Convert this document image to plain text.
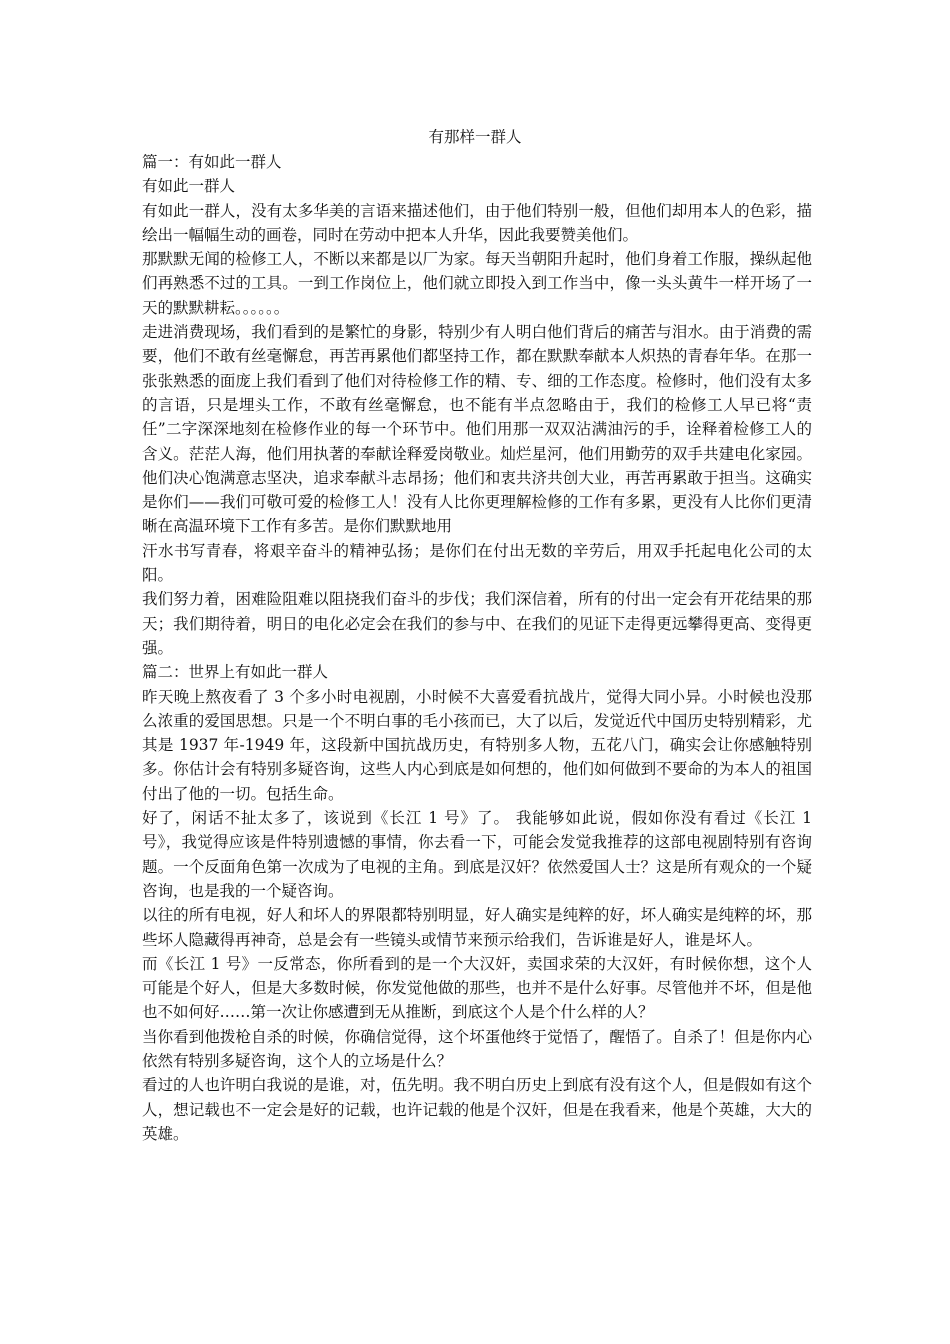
有那样一群人

篇一：有如此一群人

有如此一群人

有如此一群人，没有太多华美的言语来描述他们，由于他们特别一般，但他们却用本人的色彩，描绘出一幅幅生动的画卷，同时在劳动中把本人升华，因此我要赞美他们。

那默默无闻的检修工人，不断以来都是以厂为家。每天当朝阳升起时，他们身着工作服，操纵起他们再熟悉不过的工具。一到工作岗位上，他们就立即投入到工作当中，像一头头黄牛一样开场了一天的默默耕耘。。。。。。

走进消费现场，我们看到的是繁忙的身影，特别少有人明白他们背后的痛苦与泪水。由于消费的需要，他们不敢有丝毫懈怠，再苦再累他们都坚持工作，都在默默奉献本人炽热的青春年华。在那一张张熟悉的面庞上我们看到了他们对待检修工作的精、专、细的工作态度。检修时，他们没有太多的言语，只是埋头工作，不敢有丝毫懈怠，也不能有半点忽略由于，我们的检修工人早已将“责任”二字深深地刻在检修作业的每一个环节中。他们用那一双双沾满油污的手，诠释着检修工人的含义。茫茫人海，他们用执著的奉献诠释爱岗敬业。灿烂星河，他们用勤劳的双手共建电化家园。他们决心饱满意志坚决，追求奉献斗志昂扬；他们和衷共济共创大业，再苦再累敢于担当。这确实是你们——我们可敬可爱的检修工人！没有人比你更理解检修的工作有多累，更没有人比你们更清晰在高温环境下工作有多苦。是你们默默地用

汗水书写青春，将艰辛奋斗的精神弘扬；是你们在付出无数的辛劳后，用双手托起电化公司的太阳。

我们努力着，困难险阻难以阻挠我们奋斗的步伐；我们深信着，所有的付出一定会有开花结果的那天；我们期待着，明日的电化必定会在我们的参与中、在我们的见证下走得更远攀得更高、变得更强。

篇二：世界上有如此一群人

昨天晚上熬夜看了 3 个多小时电视剧，小时候不大喜爱看抗战片，觉得大同小异。小时候也没那么浓重的爱国思想。只是一个不明白事的毛小孩而已，大了以后，发觉近代中国历史特别精彩，尤其是 1937 年-1949 年，这段新中国抗战历史，有特别多人物，五花八门，确实会让你感触特别多。你估计会有特别多疑咨询，这些人内心到底是如何想的，他们如何做到不要命的为本人的祖国付出了他的一切。包括生命。

好了，闲话不扯太多了，该说到《长江 1 号》了。 我能够如此说，假如你没有看过《长江 1 号》，我觉得应该是件特别遗憾的事情，你去看一下，可能会发觉我推荐的这部电视剧特别有咨询题。一个反面角色第一次成为了电视的主角。到底是汉奸？依然爱国人士？这是所有观众的一个疑咨询，也是我的一个疑咨询。

以往的所有电视，好人和坏人的界限都特别明显，好人确实是纯粹的好，坏人确实是纯粹的坏，那些坏人隐藏得再神奇，总是会有一些镜头或情节来预示给我们，告诉谁是好人，谁是坏人。

而《长江 1 号》一反常态，你所看到的是一个大汉奸，卖国求荣的大汉奸，有时候你想，这个人可能是个好人，但是大多数时候，你发觉他做的那些，也并不是什么好事。尽管他并不坏，但是他也不如何好……第一次让你感遭到无从推断，到底这个人是个什么样的人？

当你看到他拨枪自杀的时候，你确信觉得，这个坏蛋他终于觉悟了，醒悟了。自杀了！但是你内心依然有特别多疑咨询，这个人的立场是什么？

看过的人也许明白我说的是谁，对，伍先明。我不明白历史上到底有没有这个人，但是假如有这个人，想记载也不一定会是好的记载，也许记载的他是个汉奸，但是在我看来，他是个英雄，大大的英雄。
